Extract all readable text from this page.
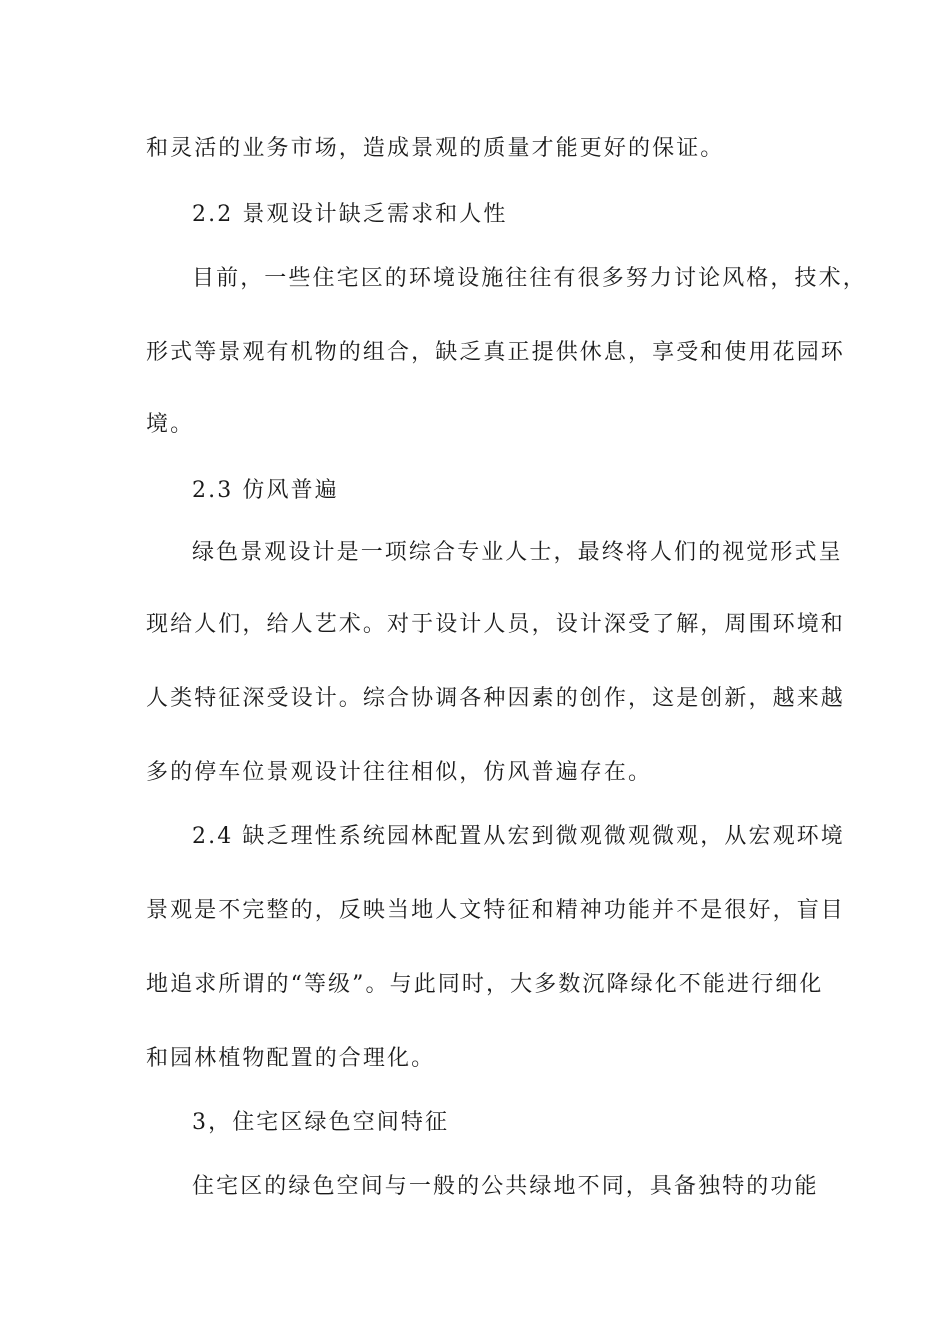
和灵活的业务市场，造成景观的质量才能更好的保证。
2.2 景观设计缺乏需求和人性
目前，一些住宅区的环境设施往往有很多努力讨论风格，技术，
形式等景观有机物的组合，缺乏真正提供休息，享受和使用花园环
境。
2.3 仿风普遍
绿色景观设计是一项综合专业人士，最终将人们的视觉形式呈
现给人们，给人艺术。对于设计人员，设计深受了解，周围环境和
人类特征深受设计。综合协调各种因素的创作，这是创新，越来越
多的停车位景观设计往往相似，仿风普遍存在。
2.4 缺乏理性系统园林配置从宏到微观微观微观，从宏观环境
景观是不完整的，反映当地人文特征和精神功能并不是很好，盲目
地追求所谓的“等级”。与此同时，大多数沉降绿化不能进行细化
和园林植物配置的合理化。
3，住宅区绿色空间特征
住宅区的绿色空间与一般的公共绿地不同，具备独特的功能
